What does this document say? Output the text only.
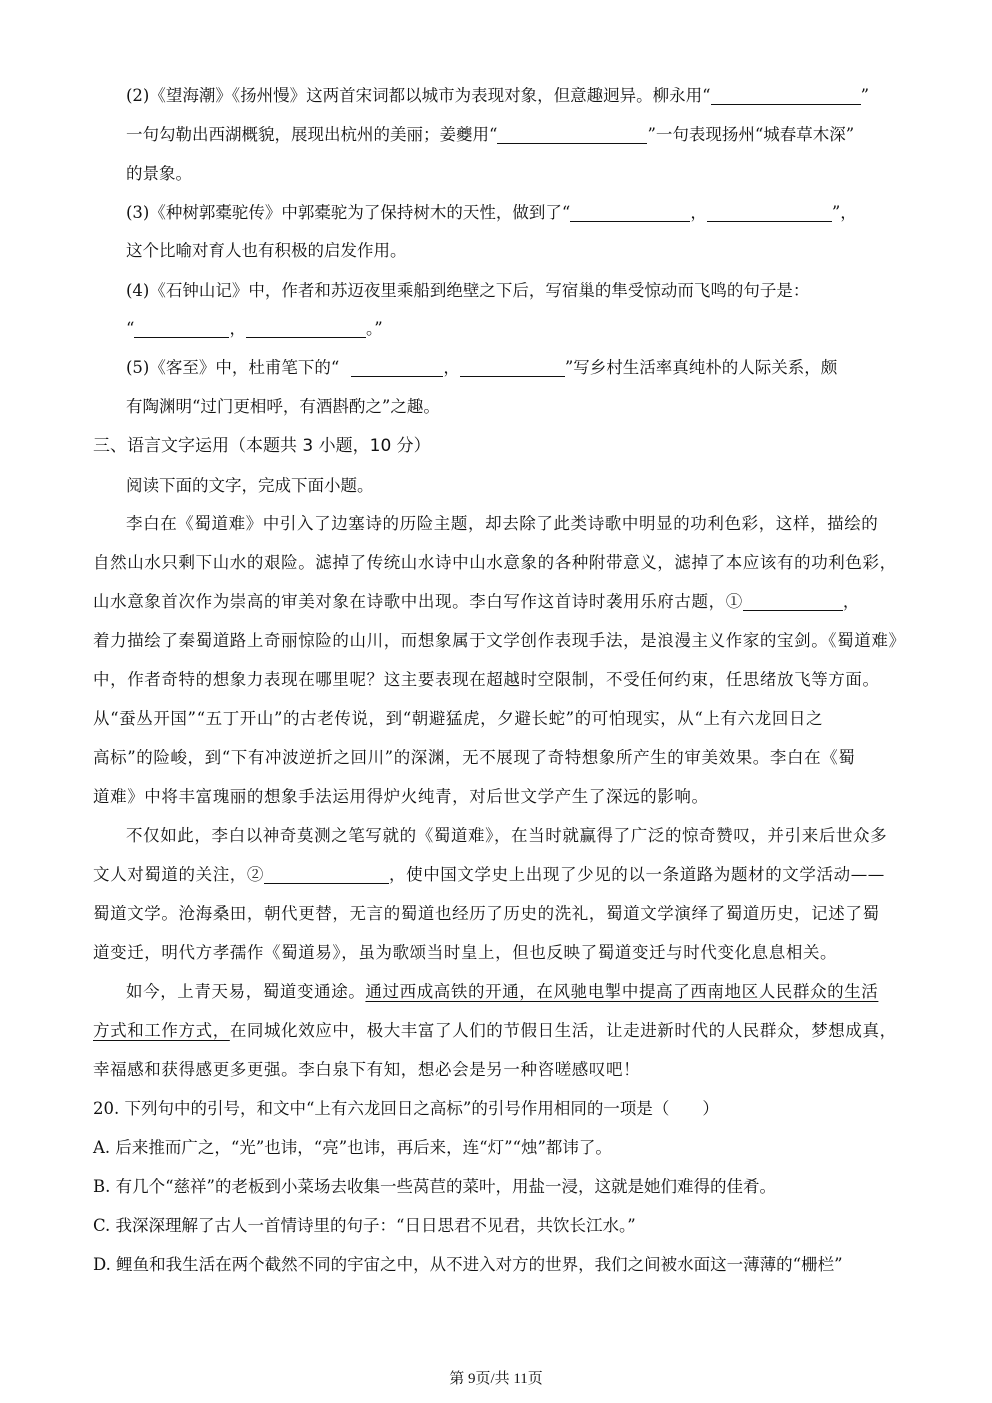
(2)《望海潮》《扬州慢》这两首宋词都以城市为表现对象，但意趣迥异。柳永用“	”
一句勾勒出西湖概貌，展现出杭州的美丽；姜夔用“	”一句表现扬州“城春草木深”
的景象。
(3)《种树郭橐驼传》中郭橐驼为了保持树木的天性，做到了“	，	”，
这个比喻对育人也有积极的启发作用。
(4)《石钟山记》中，作者和苏迈夜里乘船到绝壁之下后，写宿巢的隼受惊动而飞鸣的句子是：
“	，	。”
(5)《客至》中，杜甫笔下的“	，	”写乡村生活率真纯朴的人际关系，颇
有陶渊明“过门更相呼，有酒斟酌之”之趣。
三、语言文字运用（本题共 3 小题，10 分）
阅读下面的文字，完成下面小题。
李白在《蜀道难》中引入了边塞诗的历险主题，却去除了此类诗歌中明显的功利色彩，这样，描绘的
自然山水只剩下山水的艰险。滤掉了传统山水诗中山水意象的各种附带意义，滤掉了本应该有的功利色彩，
山水意象首次作为崇高的审美对象在诗歌中出现。李白写作这首诗时袭用乐府古题，①	，
着力描绘了秦蜀道路上奇丽惊险的山川，而想象属于文学创作表现手法，是浪漫主义作家的宝剑。《蜀道难》
中，作者奇特的想象力表现在哪里呢？这主要表现在超越时空限制，不受任何约束，任思绪放飞等方面。
从“蚕丛开国”“五丁开山”的古老传说，到“朝避猛虎，夕避长蛇”的可怕现实，从“上有六龙回日之
高标”的险峻，到“下有冲波逆折之回川”的深渊，无不展现了奇特想象所产生的审美效果。李白在《蜀
道难》中将丰富瑰丽的想象手法运用得炉火纯青，对后世文学产生了深远的影响。
不仅如此，李白以神奇莫测之笔写就的《蜀道难》，在当时就赢得了广泛的惊奇赞叹，并引来后世众多
文人对蜀道的关注，②	，使中国文学史上出现了少见的以一条道路为题材的文学活动——
蜀道文学。沧海桑田，朝代更替，无言的蜀道也经历了历史的洗礼，蜀道文学演绎了蜀道历史，记述了蜀
道变迁，明代方孝孺作《蜀道易》，虽为歌颂当时皇上，但也反映了蜀道变迁与时代变化息息相关。
如今，上青天易，蜀道变通途。通过西成高铁的开通，在风驰电掣中提高了西南地区人民群众的生活
方式和工作方式，在同城化效应中，极大丰富了人们的节假日生活，让走进新时代的人民群众，梦想成真，
幸福感和获得感更多更强。李白泉下有知，想必会是另一种咨嗟感叹吧！
20. 下列句中的引号，和文中“上有六龙回日之高标”的引号作用相同的一项是（　　）
A. 后来推而广之，“光”也讳，“亮”也讳，再后来，连“灯”“烛”都讳了。
B. 有几个“慈祥”的老板到小菜场去收集一些莴苣的菜叶，用盐一浸，这就是她们难得的佳肴。
C. 我深深理解了古人一首情诗里的句子：“日日思君不见君，共饮长江水。”
D. 鲤鱼和我生活在两个截然不同的宇宙之中，从不进入对方的世界，我们之间被水面这一薄薄的“栅栏”
第 9页/共 11页
